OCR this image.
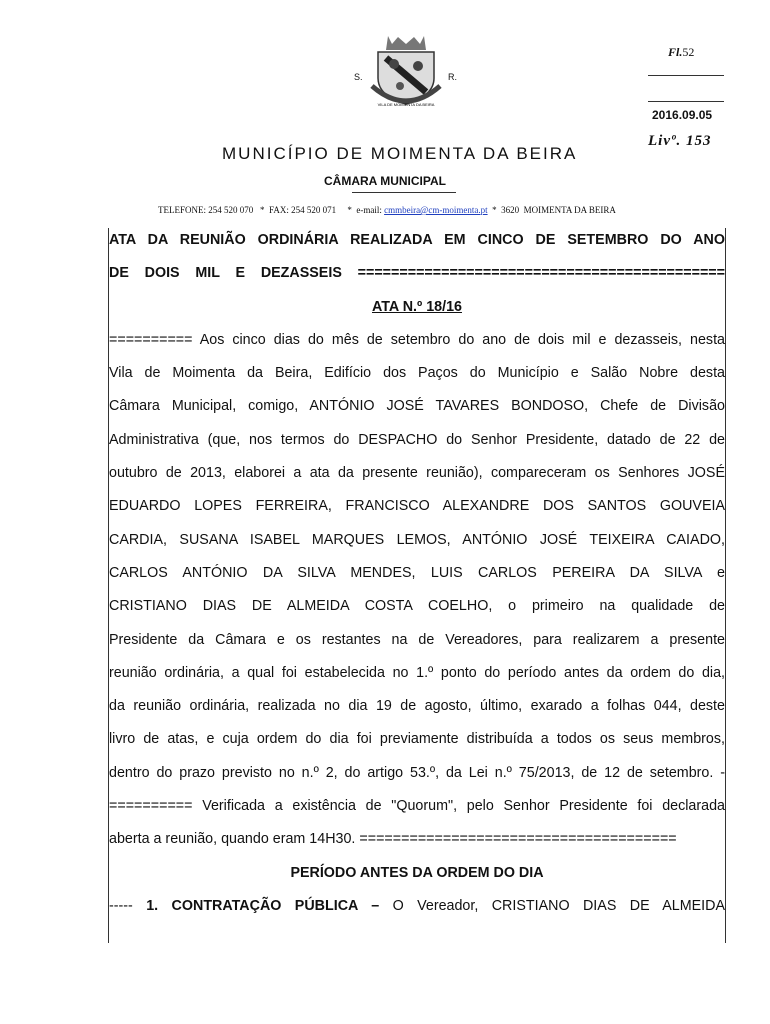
VILA DE MOIMENTA DA BEIRA
S.	R.
Fl.52
2016.09.05
Livº. 153
MUNICÍPIO DE MOIMENTA DA BEIRA
CÂMARA MUNICIPAL
TELEFONE: 254 520 070   *  FAX: 254 520 071     *  e-mail: cmmbeira@cm-moimenta.pt  *  3620  MOIMENTA DA BEIRA
ATA DA REUNIÃO ORDINÁRIA REALIZADA EM CINCO DE SETEMBRO DO ANO
DE DOIS MIL E DEZASSEIS ============================================
ATA N.º 18/16
========== Aos cinco dias do mês de setembro do ano de dois mil e dezasseis, nesta
Vila de Moimenta da Beira, Edifício dos Paços do Município e Salão Nobre desta
Câmara Municipal, comigo, ANTÓNIO JOSÉ TAVARES BONDOSO, Chefe de Divisão
Administrativa (que, nos termos do DESPACHO do Senhor Presidente, datado de 22 de
outubro de 2013, elaborei a ata da presente reunião), compareceram os Senhores JOSÉ
EDUARDO LOPES FERREIRA, FRANCISCO ALEXANDRE DOS SANTOS GOUVEIA
CARDIA, SUSANA ISABEL MARQUES LEMOS, ANTÓNIO JOSÉ TEIXEIRA CAIADO,
CARLOS ANTÓNIO DA SILVA MENDES, LUIS CARLOS PEREIRA DA SILVA e
CRISTIANO DIAS DE ALMEIDA COSTA COELHO, o primeiro na qualidade de
Presidente da Câmara e os restantes na de Vereadores, para realizarem a presente
reunião ordinária, a qual foi estabelecida no 1.º ponto do período antes da ordem do dia,
da reunião ordinária, realizada no dia 19 de agosto, último, exarado a folhas 044, deste
livro de atas, e cuja ordem do dia foi previamente distribuída a todos os seus membros,
dentro do prazo previsto no n.º 2, do artigo 53.º, da Lei n.º 75/2013, de 12 de setembro. -
========== Verificada a existência de "Quorum", pelo Senhor Presidente foi declarada
aberta a reunião, quando eram 14H30. ======================================
PERÍODO ANTES DA ORDEM DO DIA
----- 1. CONTRATAÇÃO PÚBLICA – O Vereador, CRISTIANO DIAS DE ALMEIDA
